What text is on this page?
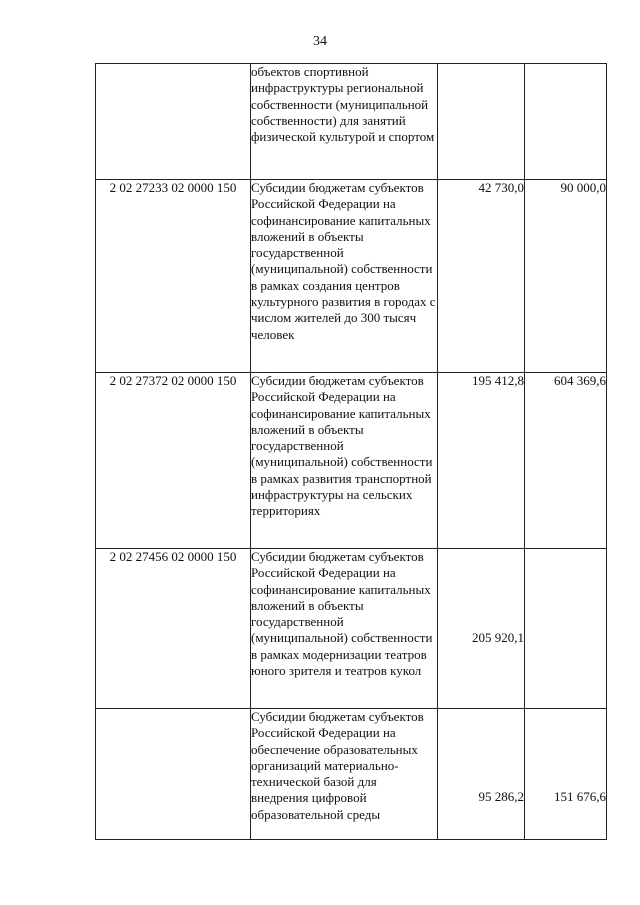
34
	объектов спортивной инфраструктуры региональной собственности (муниципальной собственности) для занятий физической культурой и спортом		
2 02 27233 02 0000 150	Субсидии бюджетам субъектов Российской Федерации на софинансирование капитальных вложений в объекты государственной (муниципальной) собственности в рамках создания центров культурного развития в городах с числом жителей до 300 тысяч человек	42 730,0	90 000,0
2 02 27372 02 0000 150	Субсидии бюджетам субъектов Российской Федерации на софинансирование капитальных вложений в объекты государственной (муниципальной) собственности в рамках развития транспортной инфраструктуры на сельских территориях	195 412,8	604 369,6
2 02 27456 02 0000 150	Субсидии бюджетам субъектов Российской Федерации на софинансирование капитальных вложений в объекты государственной (муниципальной) собственности в рамках модернизации театров юного зрителя и театров кукол	205 920,1	
	Субсидии бюджетам субъектов Российской Федерации на обеспечение образовательных организаций материально-технической базой для внедрения цифровой образовательной среды	95 286,2	151 676,6
